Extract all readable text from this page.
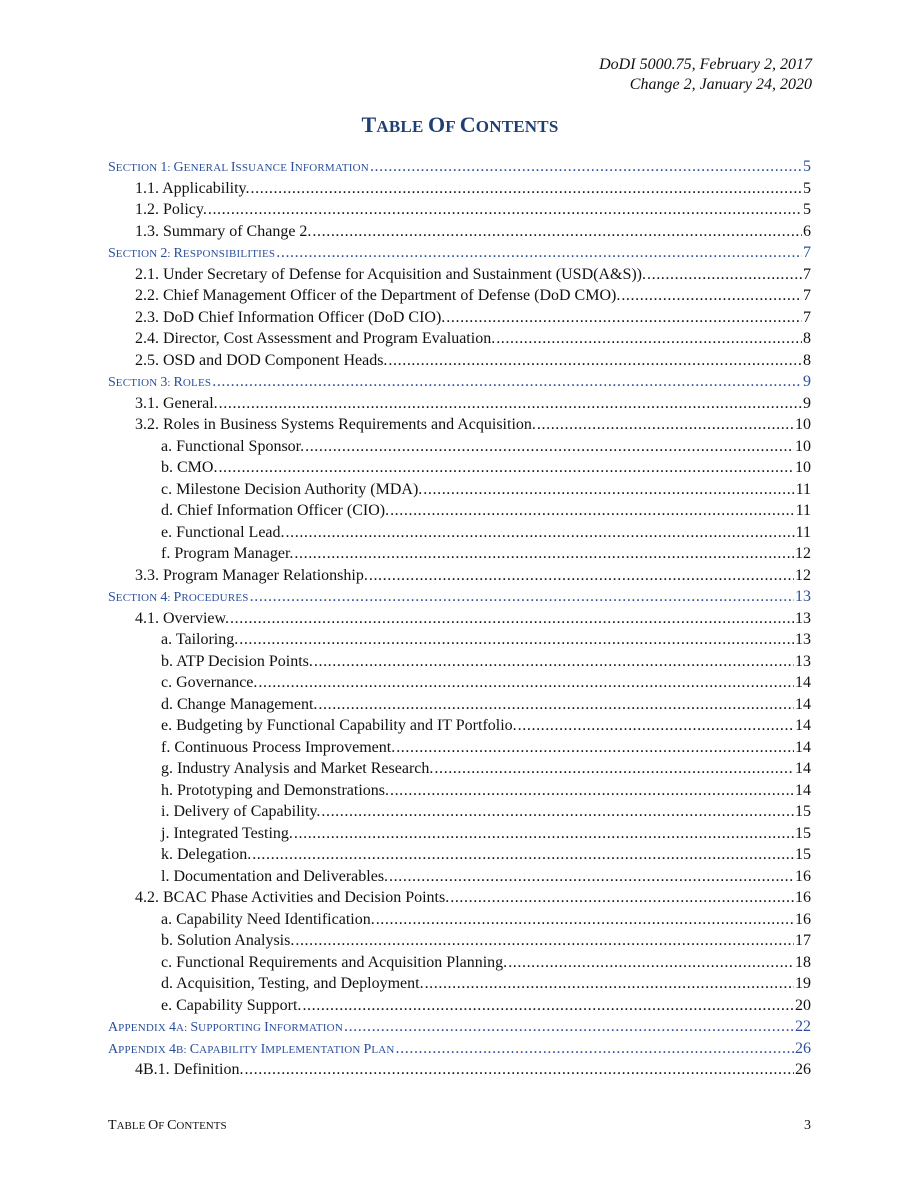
DoDI 5000.75, February 2, 2017
Change 2, January 24, 2020
TABLE OF CONTENTS
SECTION 1: GENERAL ISSUANCE INFORMATION .....	5
1.1. Applicability. .....	5
1.2. Policy. .....	5
1.3. Summary of Change 2. .....	6
SECTION 2: RESPONSIBILITIES .....	7
2.1. Under Secretary of Defense for Acquisition and Sustainment (USD(A&S)). .....	7
2.2. Chief Management Officer of the Department of Defense (DoD CMO). .....	7
2.3. DoD Chief Information Officer (DoD CIO). .....	7
2.4. Director, Cost Assessment and Program Evaluation. .....	8
2.5. OSD and DOD Component Heads. .....	8
SECTION 3: ROLES .....	9
3.1. General. .....	9
3.2. Roles in Business Systems Requirements and Acquisition. .....	10
a. Functional Sponsor. .....	10
b. CMO. .....	10
c. Milestone Decision Authority (MDA). .....	11
d. Chief Information Officer (CIO). .....	11
e. Functional Lead. .....	11
f. Program Manager. .....	12
3.3. Program Manager Relationship. .....	12
SECTION 4: PROCEDURES .....	13
4.1. Overview. .....	13
a. Tailoring. .....	13
b. ATP Decision Points. .....	13
c. Governance. .....	14
d. Change Management. .....	14
e. Budgeting by Functional Capability and IT Portfolio. .....	14
f. Continuous Process Improvement. .....	14
g. Industry Analysis and Market Research. .....	14
h. Prototyping and Demonstrations. .....	14
i. Delivery of Capability. .....	15
j. Integrated Testing. .....	15
k. Delegation. .....	15
l. Documentation and Deliverables. .....	16
4.2. BCAC Phase Activities and Decision Points. .....	16
a. Capability Need Identification. .....	16
b. Solution Analysis. .....	17
c. Functional Requirements and Acquisition Planning. .....	18
d. Acquisition, Testing, and Deployment. .....	19
e. Capability Support. .....	20
APPENDIX 4A: SUPPORTING INFORMATION .....	22
APPENDIX 4B: CAPABILITY IMPLEMENTATION PLAN .....	26
4B.1. Definition. .....	26
TABLE OF CONTENTS	3
